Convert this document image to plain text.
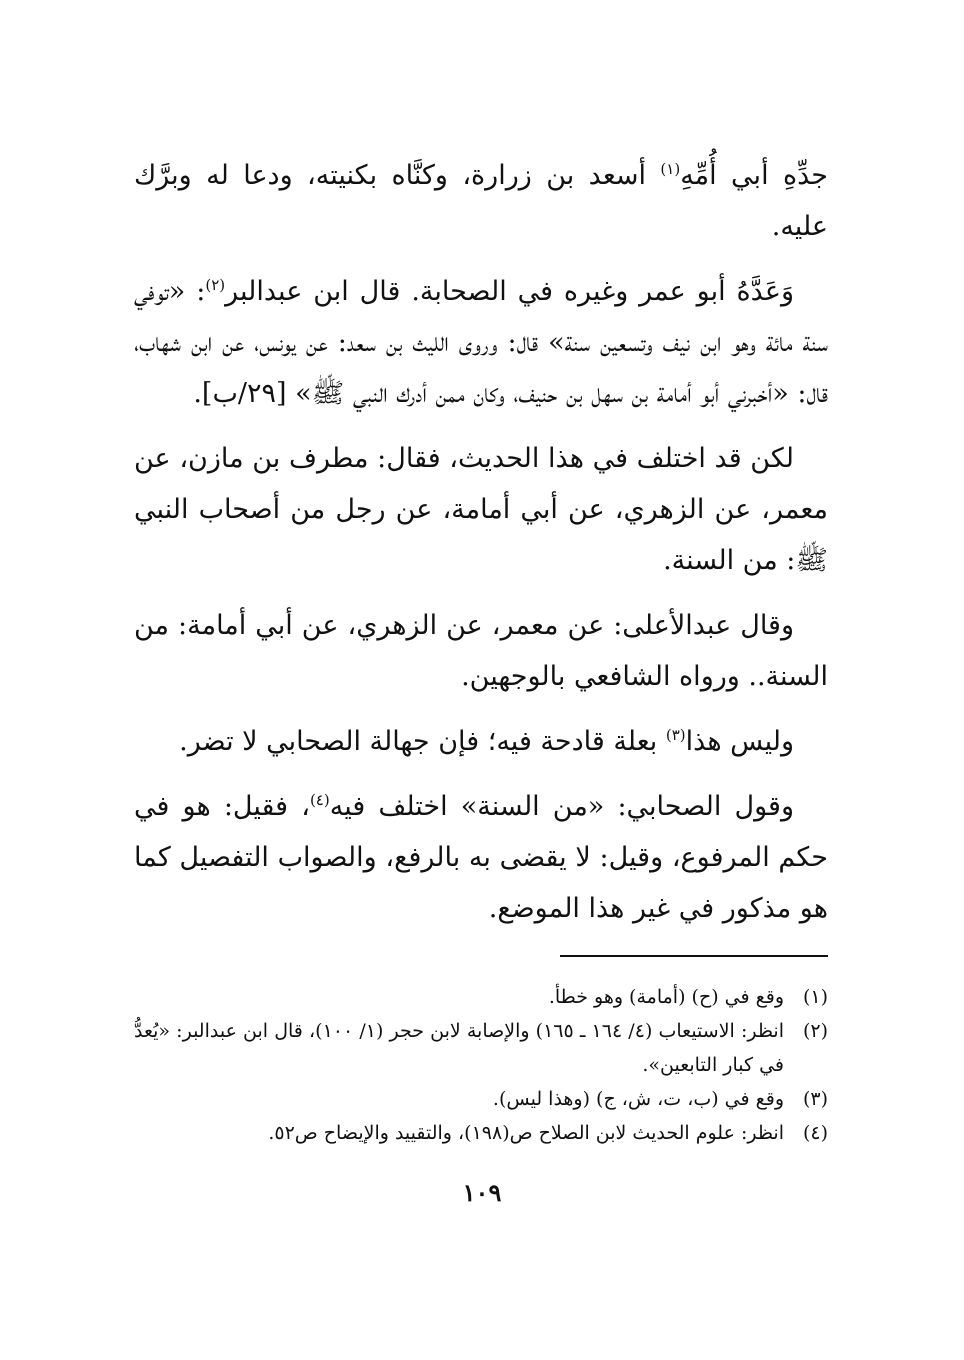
جدِّهِ أبي أُمِّهِ$^{(١)}$ أسعد بن زرارة، وكنَّاه بكنيته، ودعا له وبرَّك عليه.

وَعَدَّهُ أبو عمر وغيره في الصحابة. قال ابن عبدالبر$^{(٢)}$: «توفي سنة مائة وهو ابن نيف وتسعين سنة» قال: وروى الليث بن سعد: عن يونس، عن ابن شهاب، قال: «أخبرني أبو أمامة بن سهل بن حنيف، وكان ممن أدرك النبي ﷺ» [٢٩/ب].

لكن قد اختلف في هذا الحديث، فقال: مطرف بن مازن، عن معمر، عن الزهري، عن أبي أمامة، عن رجل من أصحاب النبي ﷺ: من السنة.

وقال عبدالأعلى: عن معمر، عن الزهري، عن أبي أمامة: من السنة.. ورواه الشافعي بالوجهين.

وليس هذا$^{(٣)}$ بعلة قادحة فيه؛ فإن جهالة الصحابي لا تضر.

وقول الصحابي: «من السنة» اختلف فيه$^{(٤)}$، فقيل: هو في حكم المرفوع، وقيل: لا يقضى به بالرفع، والصواب التفصيل كما هو مذكور في غير هذا الموضع.

(١)
وقع في (ح) (أمامة) وهو خطأ.
(٢)
انظر: الاستيعاب (٤/ ١٦٤ ـ ١٦٥) والإصابة لابن حجر (١/ ١٠٠)، قال ابن عبدالبر: «يُعدُّ في كبار التابعين».
(٣)
وقع في (ب، ت، ش، ج) (وهذا ليس).
(٤)
انظر: علوم الحديث لابن الصلاح ص(١٩٨)، والتقييد والإيضاح ص٥٢.
١٠٩
